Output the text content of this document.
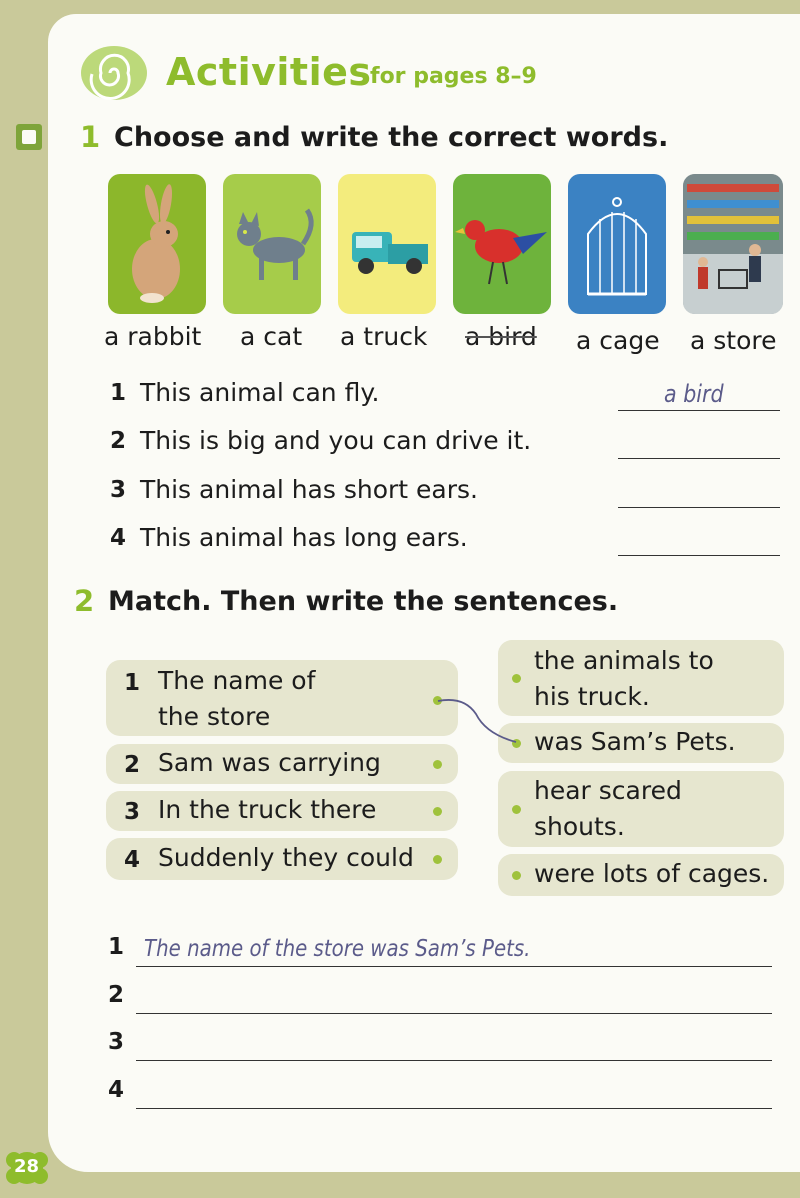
Activities
for pages 8–9
1 Choose and write the correct words.
a rabbit a cat a truck a bird a cage a store
1 This animal can fly.	a bird
2 This is big and you can drive it.
3 This animal has short ears.
4 This animal has long ears.
2 Match. Then write the sentences.
1 The name of
the store
2 Sam was carrying
3 In the truck there
4 Suddenly they could
the animals to
his truck.
was Sam’s Pets.
hear scared
shouts.
were lots of cages.
1 The name of the store was Sam’s Pets.
2
3
4
28
